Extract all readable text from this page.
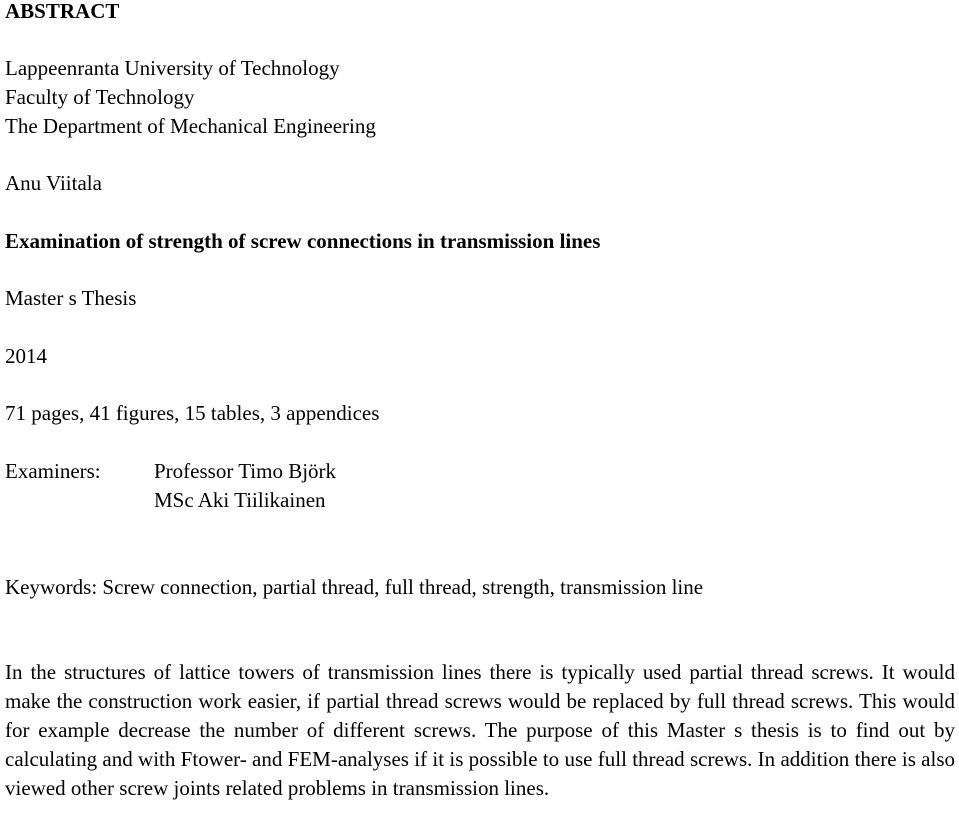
ABSTRACT
Lappeenranta University of Technology
Faculty of Technology
The Department of Mechanical Engineering
Anu Viitala
Examination of strength of screw connections in transmission lines
Master s Thesis
2014
71 pages, 41 figures, 15 tables, 3 appendices
Examiners:	Professor Timo Björk
MSc Aki Tiilikainen
Keywords: Screw connection, partial thread, full thread, strength, transmission line
In the structures of lattice towers of transmission lines there is typically used partial thread screws. It would make the construction work easier, if partial thread screws would be replaced by full thread screws. This would for example decrease the number of different screws. The purpose of this Master s thesis is to find out by calculating and with Ftower- and FEM-analyses if it is possible to use full thread screws. In addition there is also viewed other screw joints related problems in transmission lines.
